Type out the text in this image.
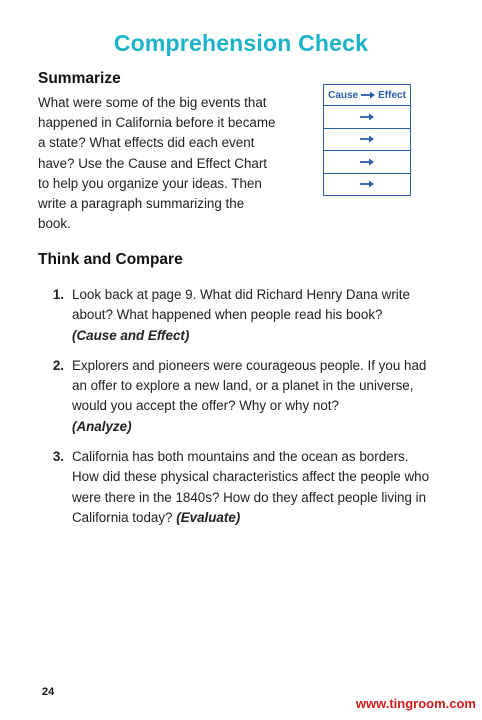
Comprehension Check
Summarize
What were some of the big events that happened in California before it became a state? What effects did each event have? Use the Cause and Effect Chart to help you organize your ideas. Then write a paragraph summarizing the book.
Cause Effect
Think and Compare
1. Look back at page 9. What did Richard Henry Dana write about? What happened when people read his book?
(Cause and Effect)
2. Explorers and pioneers were courageous people. If you had an offer to explore a new land, or a planet in the universe, would you accept the offer? Why or why not?
(Analyze)
3. California has both mountains and the ocean as borders. How did these physical characteristics affect the people who were there in the 1840s? How do they affect people living in California today? (Evaluate)
24
www.tingroom.com
